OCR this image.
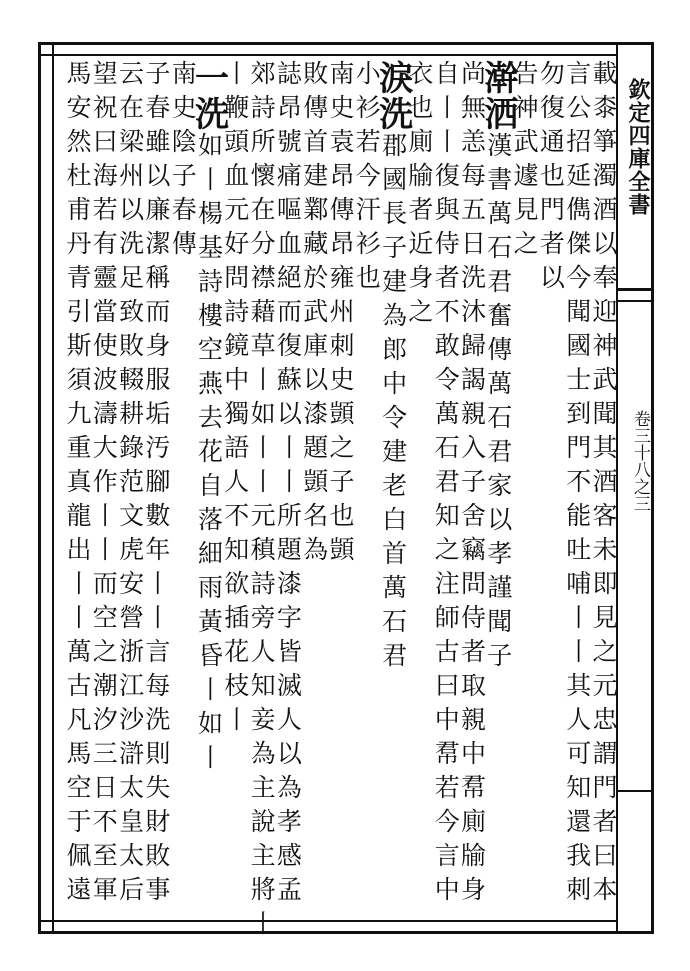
欽定四庫全書
卷三十八之三
載桼箏濁酒以奉迎神武聞其酒客未即見之元忠謂門者曰本
言公招延儁傑今聞國士到門不能吐哺丨丨其人可知還我刺
勿復通也門者以
告神武遽見之
澣洒漢書萬石君奮傳萬石君家以孝謹聞子
尚無恙每五日洗沐歸謁親入子舍竊問侍者取親中帬廁牏身
自丨丨復與侍者不敢令萬石君知之注師古曰中帬若今言中
衣也廁牏者近身之
淚洗郡國長子建為郎中令建老白首萬石君
小衫若今汗衫也
南史袁昂傳昂雍州刺史顗之子也顗
敗傳首建鄴藏於武庫以漆題顗名為
誌昂號痛嘔血絕而復蘇以丨丨所題漆字皆滅人以為孝感孟
郊詩所懷在分襟藉草丨如丨丨元稹詩旁人知妾為主說主將丨
丨鞭頭血元好問詩鏡中獨語人不知欲插花枝丨
一洗如丨楊基詩樓空燕去花自落細雨黃昏丨如丨
南史陰子春傳
子春雖以廉潔稱而身服垢汚腳數年丨丨言每洗則失財敗事
云在梁州以洗足致敗輟耕錄范文虎安營浙江沙滸太皇太后
望祝曰海若有靈當使波濤大作丨丨而空之潮汐三日不至軍
馬安然杜甫丹青引斯須九重真龍出丨丨萬古凡馬空于佩遠
